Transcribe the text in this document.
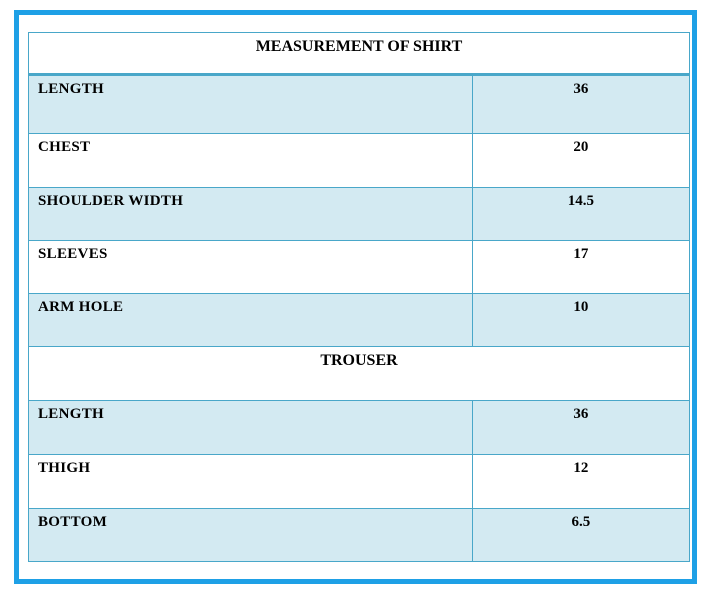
MEASUREMENT OF SHIRT	
LENGTH	36
CHEST	20
SHOULDER WIDTH	14.5
SLEEVES	17
ARM HOLE	10
TROUSER	
LENGTH	36
THIGH	12
BOTTOM	6.5
